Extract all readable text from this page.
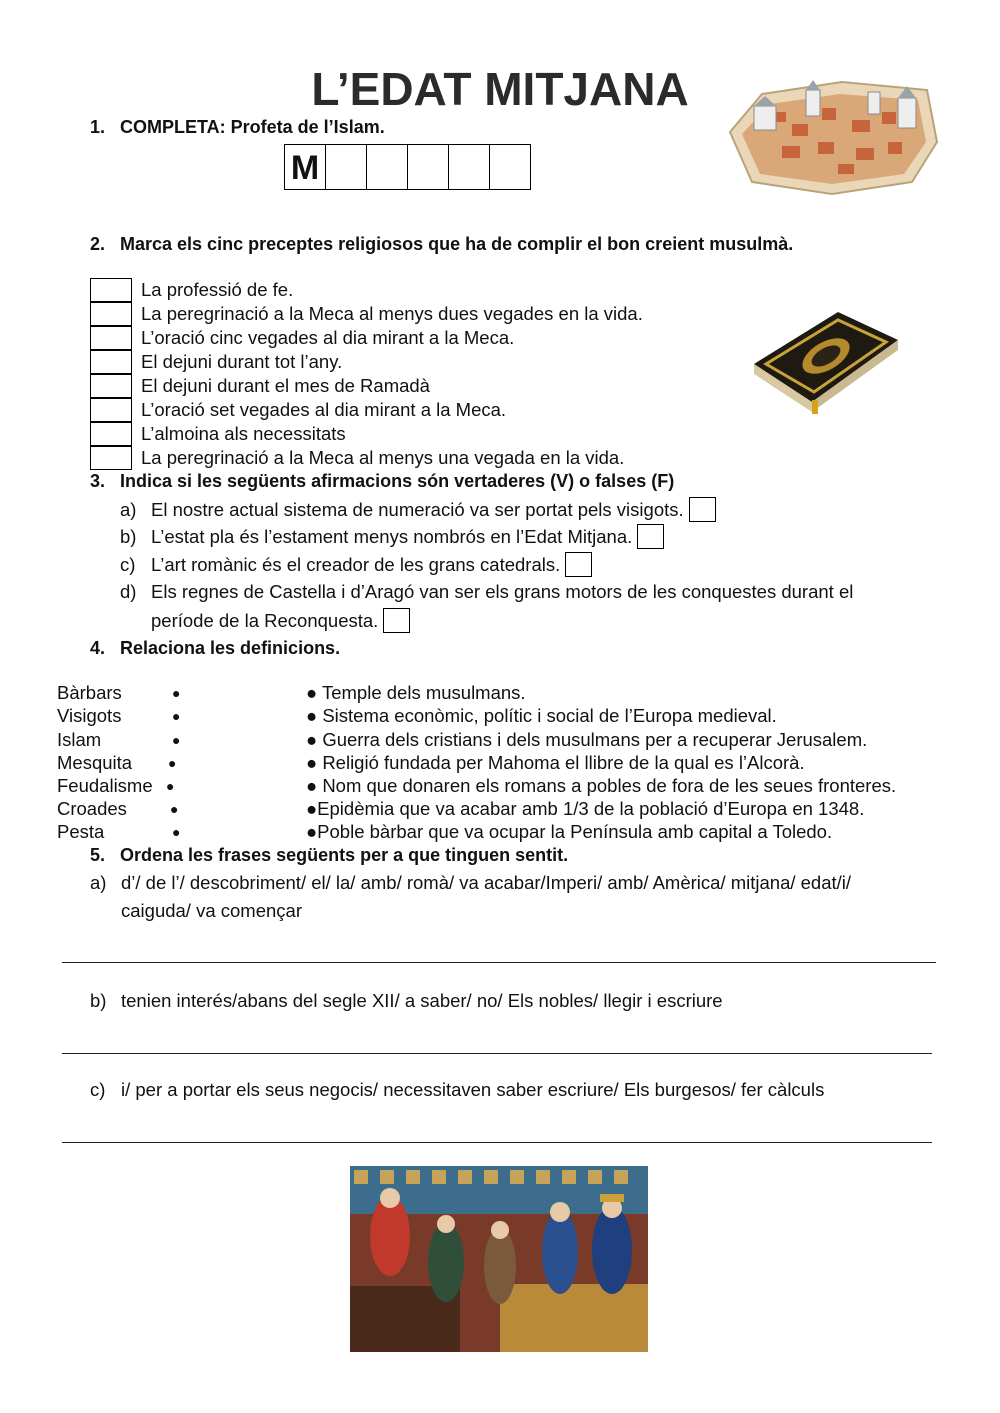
L’EDAT MITJANA
1. COMPLETA: Profeta de l’Islam.
M
2. Marca els cinc preceptes religiosos que ha de complir el bon creient musulmà.
La professió de fe.
La peregrinació a la Meca al menys dues vegades en la vida.
L’oració cinc vegades al dia mirant a la Meca.
El dejuni durant tot l’any.
El dejuni durant el mes de Ramadà
L’oració set vegades al dia mirant a la Meca.
L’almoina als necessitats
La peregrinació a la Meca al menys una vegada en la vida.
3. Indica si les següents afirmacions són vertaderes (V) o falses (F)
a) El nostre actual sistema de numeració va ser portat pels visigots.
b) L’estat pla és l’estament menys nombrós en l’Edat Mitjana.
c) L’art romànic és el creador de les grans catedrals.
d) Els regnes de Castella i d’Aragó van ser els grans motors de les conquestes durant el
període de la Reconquesta.
4. Relaciona les definicions.
Bàrbars
Visigots
Islam
Mesquita
Feudalisme
Croades
Pesta
●
●
●
●
●
●
●
● Temple dels musulmans.
● Sistema econòmic, polític i social de l’Europa medieval.
● Guerra dels cristians i dels musulmans per a recuperar Jerusalem.
● Religió fundada per Mahoma el llibre de la qual es l’Alcorà.
● Nom que donaren els romans a pobles de fora de les seues fronteres.
●Epidèmia que va acabar amb 1/3 de la població d’Europa en 1348.
●Poble bàrbar que va ocupar la Península amb capital a Toledo.
5. Ordena les frases següents per a que tinguen sentit.
a) d’/ de l’/ descobriment/ el/ la/ amb/ romà/ va acabar/Imperi/ amb/ Amèrica/ mitjana/ edat/i/
caiguda/ va començar
b) tenien interés/abans del segle XII/ a saber/ no/ Els nobles/ llegir i escriure
c) i/ per a portar els seus negocis/ necessitaven saber escriure/ Els burgesos/ fer càlculs
